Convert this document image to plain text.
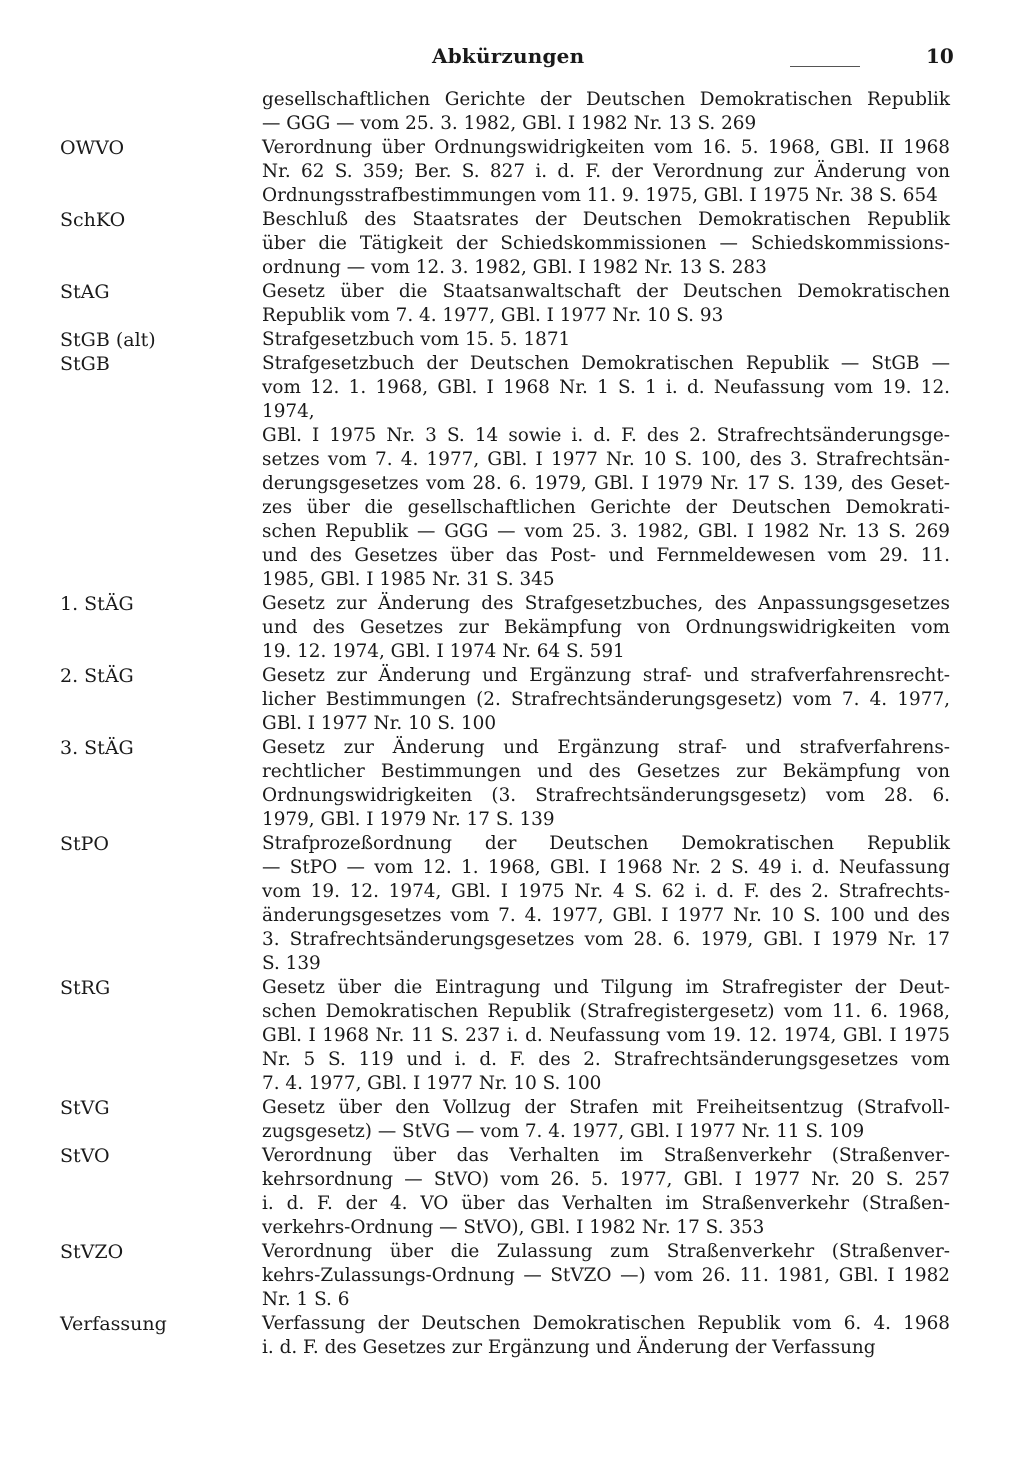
Abkürzungen	10
gesellschaftlichen Gerichte der Deutschen Demokratischen Republik
— GGG — vom 25. 3. 1982, GBl. I 1982 Nr. 13 S. 269
OWVO	Verordnung über Ordnungswidrigkeiten vom 16. 5. 1968, GBl. II 1968
Nr. 62 S. 359; Ber. S. 827 i. d. F. der Verordnung zur Änderung von
Ordnungsstrafbestimmungen vom 11. 9. 1975, GBl. I 1975 Nr. 38 S. 654
SchKO	Beschluß des Staatsrates der Deutschen Demokratischen Republik
über die Tätigkeit der Schiedskommissionen — Schiedskommissions-
ordnung — vom 12. 3. 1982, GBl. I 1982 Nr. 13 S. 283
StAG	Gesetz über die Staatsanwaltschaft der Deutschen Demokratischen
Republik vom 7. 4. 1977, GBl. I 1977 Nr. 10 S. 93
StGB (alt)	Strafgesetzbuch vom 15. 5. 1871
StGB	Strafgesetzbuch der Deutschen Demokratischen Republik — StGB —
vom 12. 1. 1968, GBl. I 1968 Nr. 1 S. 1 i. d. Neufassung vom 19. 12. 1974,
GBl. I 1975 Nr. 3 S. 14 sowie i. d. F. des 2. Strafrechtsänderungsge-
setzes vom 7. 4. 1977, GBl. I 1977 Nr. 10 S. 100, des 3. Strafrechtsän-
derungsgesetzes vom 28. 6. 1979, GBl. I 1979 Nr. 17 S. 139, des Geset-
zes über die gesellschaftlichen Gerichte der Deutschen Demokrati-
schen Republik — GGG — vom 25. 3. 1982, GBl. I 1982 Nr. 13 S. 269
und des Gesetzes über das Post- und Fernmeldewesen vom 29. 11.
1985, GBl. I 1985 Nr. 31 S. 345
1. StÄG	Gesetz zur Änderung des Strafgesetzbuches, des Anpassungsgesetzes
und des Gesetzes zur Bekämpfung von Ordnungswidrigkeiten vom
19. 12. 1974, GBl. I 1974 Nr. 64 S. 591
2. StÄG	Gesetz zur Änderung und Ergänzung straf- und strafverfahrensrecht-
licher Bestimmungen (2. Strafrechtsänderungsgesetz) vom 7. 4. 1977,
GBl. I 1977 Nr. 10 S. 100
3. StÄG	Gesetz zur Änderung und Ergänzung straf- und strafverfahrens-
rechtlicher Bestimmungen und des Gesetzes zur Bekämpfung von
Ordnungswidrigkeiten (3. Strafrechtsänderungsgesetz) vom 28. 6.
1979, GBl. I 1979 Nr. 17 S. 139
StPO	Strafprozeßordnung der Deutschen Demokratischen Republik
— StPO — vom 12. 1. 1968, GBl. I 1968 Nr. 2 S. 49 i. d. Neufassung
vom 19. 12. 1974, GBl. I 1975 Nr. 4 S. 62 i. d. F. des 2. Strafrechts-
änderungsgesetzes vom 7. 4. 1977, GBl. I 1977 Nr. 10 S. 100 und des
3. Strafrechtsänderungsgesetzes vom 28. 6. 1979, GBl. I 1979 Nr. 17
S. 139
StRG	Gesetz über die Eintragung und Tilgung im Strafregister der Deut-
schen Demokratischen Republik (Strafregistergesetz) vom 11. 6. 1968,
GBl. I 1968 Nr. 11 S. 237 i. d. Neufassung vom 19. 12. 1974, GBl. I 1975
Nr. 5 S. 119 und i. d. F. des 2. Strafrechtsänderungsgesetzes vom
7. 4. 1977, GBl. I 1977 Nr. 10 S. 100
StVG	Gesetz über den Vollzug der Strafen mit Freiheitsentzug (Strafvoll-
zugsgesetz) — StVG — vom 7. 4. 1977, GBl. I 1977 Nr. 11 S. 109
StVO	Verordnung über das Verhalten im Straßenverkehr (Straßenver-
kehrsordnung — StVO) vom 26. 5. 1977, GBl. I 1977 Nr. 20 S. 257
i. d. F. der 4. VO über das Verhalten im Straßenverkehr (Straßen-
verkehrs-Ordnung — StVO), GBl. I 1982 Nr. 17 S. 353
StVZO	Verordnung über die Zulassung zum Straßenverkehr (Straßenver-
kehrs-Zulassungs-Ordnung — StVZO —) vom 26. 11. 1981, GBl. I 1982
Nr. 1 S. 6
Verfassung	Verfassung der Deutschen Demokratischen Republik vom 6. 4. 1968
i. d. F. des Gesetzes zur Ergänzung und Änderung der Verfassung
